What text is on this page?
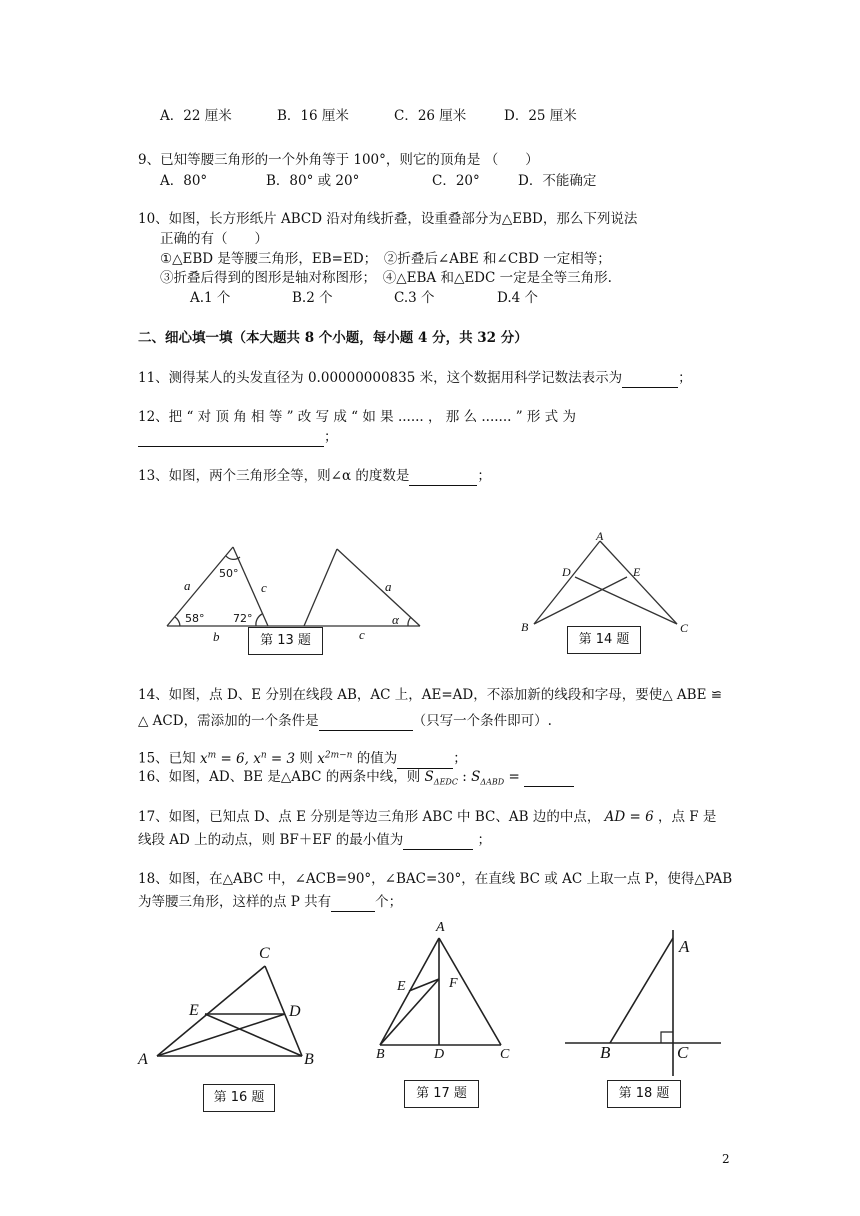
A．22 厘米	B．16 厘米	C．26 厘米	D．25 厘米
9、已知等腰三角形的一个外角等于 100°，则它的顶角是 （　　）
A．80°	B．80° 或 20°	C．20°	D．不能确定
10、如图，长方形纸片 ABCD 沿对角线折叠，设重叠部分为△EBD，那么下列说法
正确的有（　　）
①△EBD 是等腰三角形，EB=ED；　②折叠后∠ABE 和∠CBD 一定相等；
③折叠后得到的图形是轴对称图形；　④△EBA 和△EDC 一定是全等三角形.
A.1 个	B.2 个	C.3 个	D.4 个
二、细心填一填（本大题共 8 个小题，每小题 4 分，共 32 分）
11、测得某人的头发直径为 0.00000000835 米，这个数据用科学记数法表示为	；
12、把 “ 对 顶 角 相 等 ” 改 写 成 “ 如 果 ...... ， 那 么 ....... ” 形 式 为
；
13、如图，两个三角形全等，则∠α 的度数是	；
a	c
b
a
c
α
50°
58°	72°
第 13 题
A
D	E
B	C
第 14 题
14、如图，点 D、E 分别在线段 AB，AC 上，AE=AD，不添加新的线段和字母，要使△ ABE ≌
△ ACD，需添加的一个条件是	（只写一个条件即可）.
15、已知 $x^m = 6$, $x^n = 3$ 则 $x^{2m-n}$ 的值为	；
16、如图，AD、BE 是△ABC 的两条中线，则 $S_{\Delta EDC}$ : $S_{\Delta ABD}$ =
17、如图，已知点 D、点 E 分别是等边三角形 ABC 中 BC、AB 边的中点， AD = 6 ，点 F 是
线段 AD 上的动点，则 BF＋EF 的最小值为	；
18、如图，在△ABC 中，∠ACB=90°，∠BAC=30°，在直线 BC 或 AC 上取一点 P，使得△PAB
为等腰三角形，这样的点 P 共有	个；
C
E	D
A	B
第 16 题
A
E	F
B	D	C
第 17 题
A
B	C
第 18 题
2
